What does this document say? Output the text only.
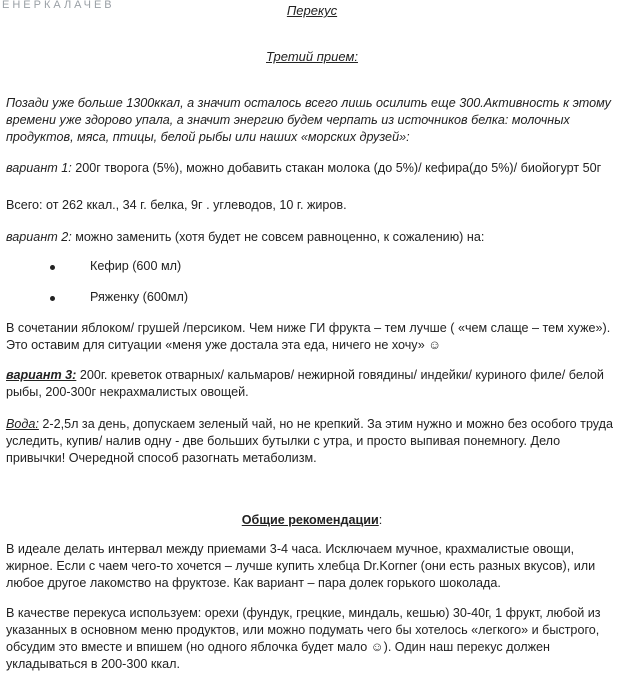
ЕНЕРКАЛАЧЕВ	Перекус
Третий прием:

Позади уже больше 1300ккал, а значит осталось всего лишь осилить еще 300.Активность к этому времени уже здорово упала, а значит энергию будем черпать из источников белка: молочных продуктов, мяса, птицы, белой рыбы или наших «морских друзей»:

вариант 1: 200г творога (5%), можно добавить стакан молока (до 5%)/ кефира(до 5%)/ биойогурт 50г

Всего: от 262 ккал., 34 г. белка, 9г . углеводов, 10 г. жиров.

вариант 2: можно заменить (хотя будет не совсем равноценно, к сожалению) на:

Кефир (600 мл)
Ряженку (600мл)

В сочетании яблоком/ грушей /персиком. Чем ниже ГИ фрукта – тем лучше ( «чем слаще – тем хуже»). Это оставим для ситуации «меня уже достала эта еда, ничего не хочу» ☺

вариант 3: 200г. креветок отварных/ кальмаров/ нежирной говядины/ индейки/ куриного филе/ белой рыбы, 200-300г некрахмалистых овощей.

Вода: 2-2,5л за день, допускаем зеленый чай, но не крепкий. За этим нужно и можно без особого труда уследить, купив/ налив одну - две больших бутылки с утра, и просто выпивая понемногу. Дело привычки! Очередной способ разогнать метаболизм.

Общие рекомендации:

В идеале делать интервал между приемами 3-4 часа. Исключаем мучное, крахмалистые овощи, жирное. Если с чаем чего-то хочется – лучше купить хлебца Dr.Korner (они есть разных вкусов), или любое другое лакомство на фруктозе. Как вариант – пара долек горького шоколада.

В качестве перекуса используем: орехи (фундук, грецкие, миндаль, кешью) 30-40г, 1 фрукт, любой из указанных в основном меню продуктов, или можно подумать чего бы хотелось «легкого» и быстрого, обсудим это вместе и впишем (но одного яблочка будет мало ☺). Один наш перекус должен укладываться в 200-300 ккал.
